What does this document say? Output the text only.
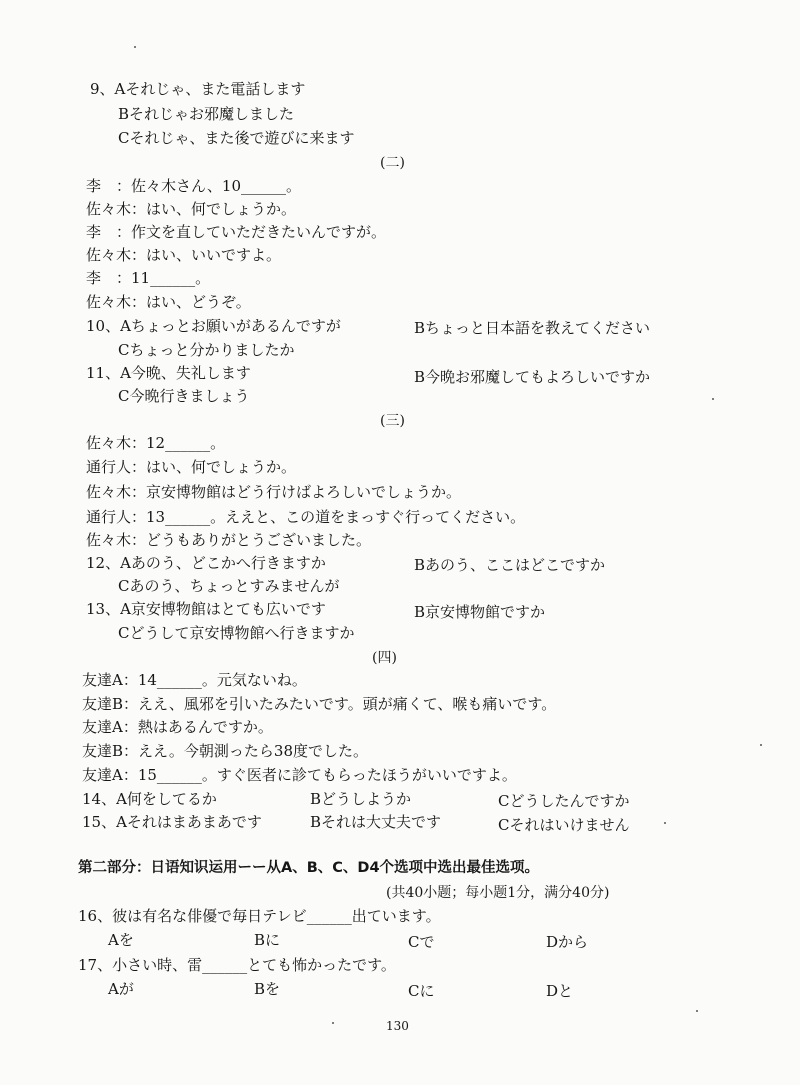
9、Aそれじゃ、また電話します
Bそれじゃお邪魔しました
Cそれじゃ、また後で遊びに来ます
(二)
李　：佐々木さん、10______。
佐々木：はい、何でしょうか。
李　：作文を直していただきたいんですが。
佐々木：はい、いいですよ。
李　：11______。
佐々木：はい、どうぞ。
10、Aちょっとお願いがあるんですが	Bちょっと日本語を教えてください
Cちょっと分かりましたか
11、A今晩、失礼します	B今晩お邪魔してもよろしいですか
C今晩行きましょう
(三)
佐々木：12______。
通行人：はい、何でしょうか。
佐々木：京安博物館はどう行けばよろしいでしょうか。
通行人：13______。ええと、この道をまっすぐ行ってください。
佐々木：どうもありがとうございました。
12、Aあのう、どこかへ行きますか	Bあのう、ここはどこですか
Cあのう、ちょっとすみませんが
13、A京安博物館はとても広いです	B京安博物館ですか
Cどうして京安博物館へ行きますか
(四)
友達A：14______。元気ないね。
友達B：ええ、風邪を引いたみたいです。頭が痛くて、喉も痛いです。
友達A：熱はあるんですか。
友達B：ええ。今朝測ったら38度でした。
友達A：15______。すぐ医者に診てもらったほうがいいですよ。
14、A何をしてるか	Bどうしようか	Cどうしたんですか
15、Aそれはまあまあです	Bそれは大丈夫です	Cそれはいけません
第二部分：日语知识运用ーー从A、B、C、D4个选项中选出最佳选项。
(共40小题；每小题1分，满分40分)
16、彼は有名な俳優で毎日テレビ______出ています。
Aを	Bに	Cで	Dから
17、小さい時、雷______とても怖かったです。
Aが	Bを	Cに	Dと
130
